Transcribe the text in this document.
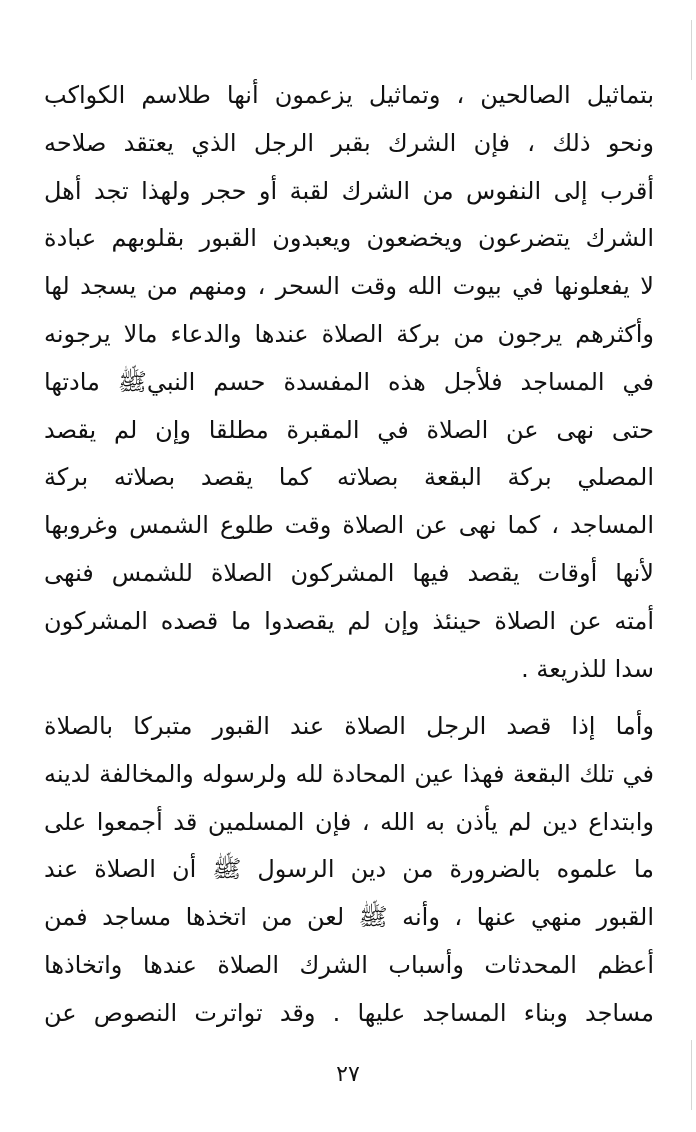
بتماثيل الصالحين ، وتماثيل يزعمون أنها طلاسم الكواكب
ونحو ذلك ، فإن الشرك بقبر الرجل الذي يعتقد صلاحه
أقرب إلى النفوس من الشرك لقبة أو حجر ولهذا تجد أهل
الشرك يتضرعون ويخضعون ويعبدون القبور بقلوبهم عبادة
لا يفعلونها في بيوت الله وقت السحر ، ومنهم من يسجد لها
وأكثرهم يرجون من بركة الصلاة عندها والدعاء مالا يرجونه
في المساجد فلأجل هذه المفسدة حسم النبيﷺ مادتها
حتى نهى عن الصلاة في المقبرة مطلقا وإن لم يقصد
المصلي بركة البقعة بصلاته كما يقصد بصلاته بركة
المساجد ، كما نهى عن الصلاة وقت طلوع الشمس وغروبها
لأنها أوقات يقصد فيها المشركون الصلاة للشمس فنهى
أمته عن الصلاة حينئذ وإن لم يقصدوا ما قصده المشركون
سدا للذريعة .
وأما إذا قصد الرجل الصلاة عند القبور متبركا بالصلاة
في تلك البقعة فهذا عين المحادة لله ولرسوله والمخالفة لدينه
وابتداع دين لم يأذن به الله ، فإن المسلمين قد أجمعوا على
ما علموه بالضرورة من دين الرسول ﷺ أن الصلاة عند
القبور منهي عنها ، وأنه ﷺ لعن من اتخذها مساجد فمن
أعظم المحدثات وأسباب الشرك الصلاة عندها واتخاذها
مساجد وبناء المساجد عليها . وقد تواترت النصوص عن
٢٧
